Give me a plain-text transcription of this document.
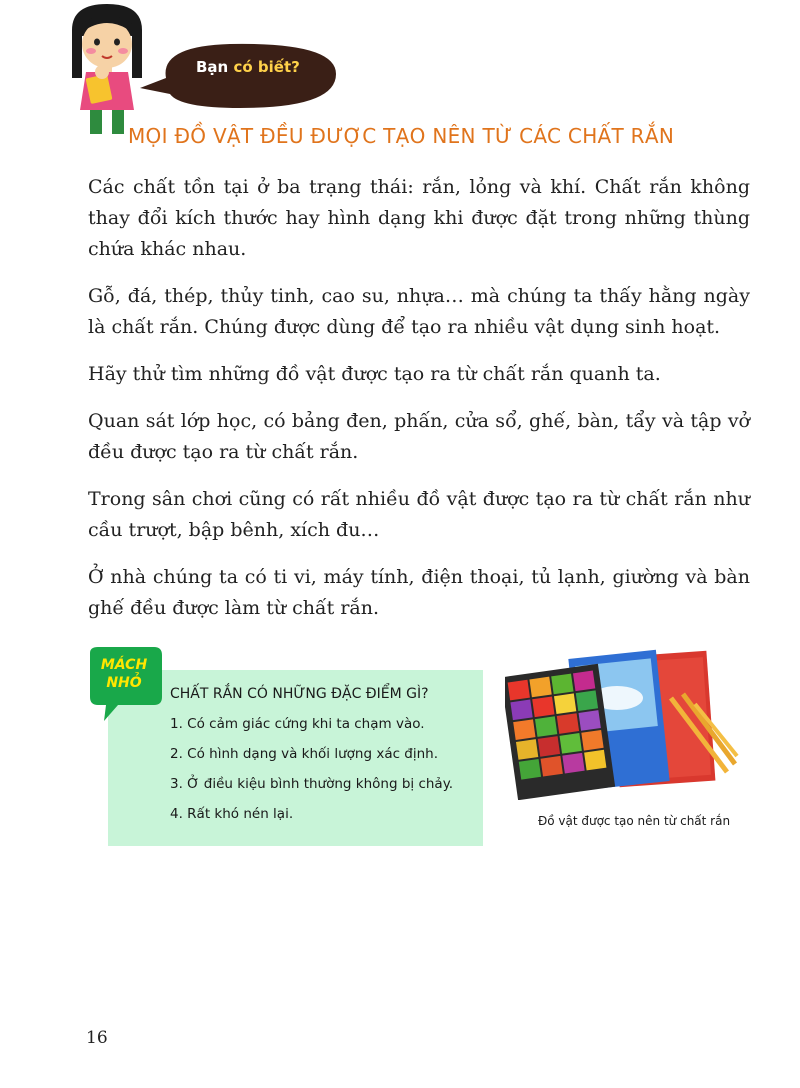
Bạn có biết?
MỌI ĐỒ VẬT ĐỀU ĐƯỢC TẠO NÊN TỪ CÁC CHẤT RẮN

Các chất tồn tại ở ba trạng thái: rắn, lỏng và khí. Chất rắn không thay đổi kích thước hay hình dạng khi được đặt trong những thùng chứa khác nhau.

Gỗ, đá, thép, thủy tinh, cao su, nhựa… mà chúng ta thấy hằng ngày là chất rắn. Chúng được dùng để tạo ra nhiều vật dụng sinh hoạt.

Hãy thử tìm những đồ vật được tạo ra từ chất rắn quanh ta.

Quan sát lớp học, có bảng đen, phấn, cửa sổ, ghế, bàn, tẩy và tập vở đều được tạo ra từ chất rắn.

Trong sân chơi cũng có rất nhiều đồ vật được tạo ra từ chất rắn như cầu trượt, bập bênh, xích đu…

Ở nhà chúng ta có ti vi, máy tính, điện thoại, tủ lạnh, giường và bàn ghế đều được làm từ chất rắn.

MÁCH
NHỎ
CHẤT RẮN CÓ NHỮNG ĐẶC ĐIỂM GÌ?
1. Có cảm giác cứng khi ta chạm vào.
2. Có hình dạng và khối lượng xác định.
3. Ở điều kiệu bình thường không bị chảy.
4. Rất khó nén lại.	Đồ vật được tạo nên từ chất rắn
16
